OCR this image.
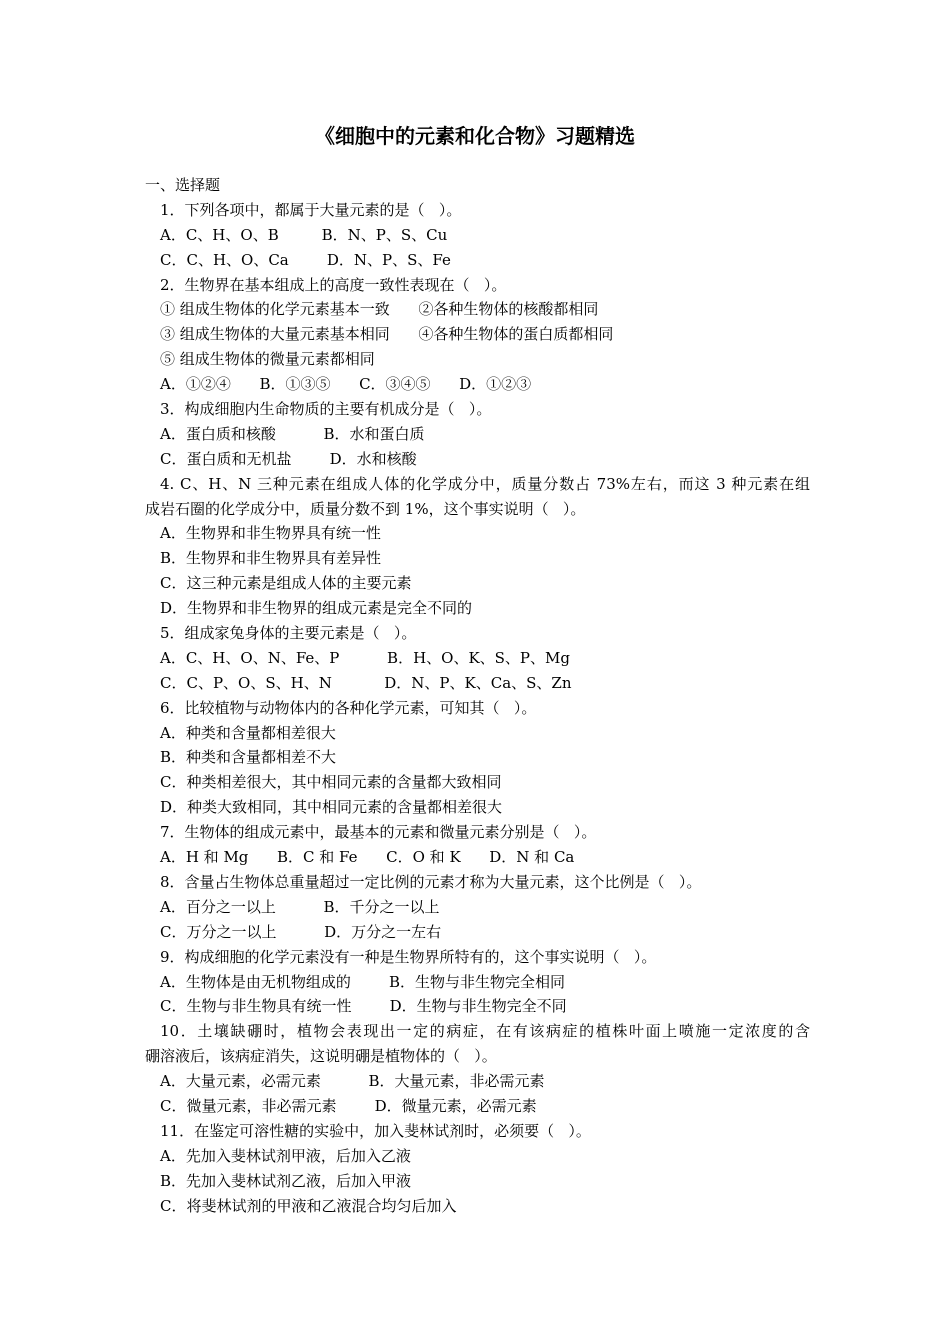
《细胞中的元素和化合物》习题精选
一、选择题
1．下列各项中，都属于大量元素的是（   ）。
A．C、H、O、B         B．N、P、S、Cu
C．C、H、O、Ca        D．N、P、S、Fe
2．生物界在基本组成上的高度一致性表现在（   ）。
① 组成生物体的化学元素基本一致      ②各种生物体的核酸都相同
③ 组成生物体的大量元素基本相同      ④各种生物体的蛋白质都相同
⑤ 组成生物体的微量元素都相同
A．①②④      B．①③⑤      C．③④⑤      D．①②③
3．构成细胞内生命物质的主要有机成分是（   ）。
A．蛋白质和核酸          B．水和蛋白质
C．蛋白质和无机盐        D．水和核酸
4. C、H、N 三种元素在组成人体的化学成分中，质量分数占 73%左右，而这 3 种元素在组
成岩石圈的化学成分中，质量分数不到 1%，这个事实说明（   ）。
A．生物界和非生物界具有统一性
B．生物界和非生物界具有差异性
C．这三种元素是组成人体的主要元素
D．生物界和非生物界的组成元素是完全不同的
5．组成家兔身体的主要元素是（   ）。
A．C、H、O、N、Fe、P          B．H、O、K、S、P、Mg
C．C、P、O、S、H、N           D．N、P、K、Ca、S、Zn
6．比较植物与动物体内的各种化学元素，可知其（   ）。
A．种类和含量都相差很大
B．种类和含量都相差不大
C．种类相差很大，其中相同元素的含量都大致相同
D．种类大致相同，其中相同元素的含量都相差很大
7．生物体的组成元素中，最基本的元素和微量元素分别是（   ）。
A．H 和 Mg      B．C 和 Fe      C．O 和 K      D．N 和 Ca
8．含量占生物体总重量超过一定比例的元素才称为大量元素，这个比例是（   ）。
A．百分之一以上          B．千分之一以上
C．万分之一以上          D．万分之一左右
9．构成细胞的化学元素没有一种是生物界所特有的，这个事实说明（   ）。
A．生物体是由无机物组成的        B．生物与非生物完全相同
C．生物与非生物具有统一性        D．生物与非生物完全不同
10．土壤缺硼时，植物会表现出一定的病症，在有该病症的植株叶面上喷施一定浓度的含
硼溶液后，该病症消失，这说明硼是植物体的（   ）。
A．大量元素，必需元素          B．大量元素，非必需元素
C．微量元素，非必需元素        D．微量元素，必需元素
11．在鉴定可溶性糖的实验中，加入斐林试剂时，必须要（   ）。
A．先加入斐林试剂甲液，后加入乙液
B．先加入斐林试剂乙液，后加入甲液
C．将斐林试剂的甲液和乙液混合均匀后加入
